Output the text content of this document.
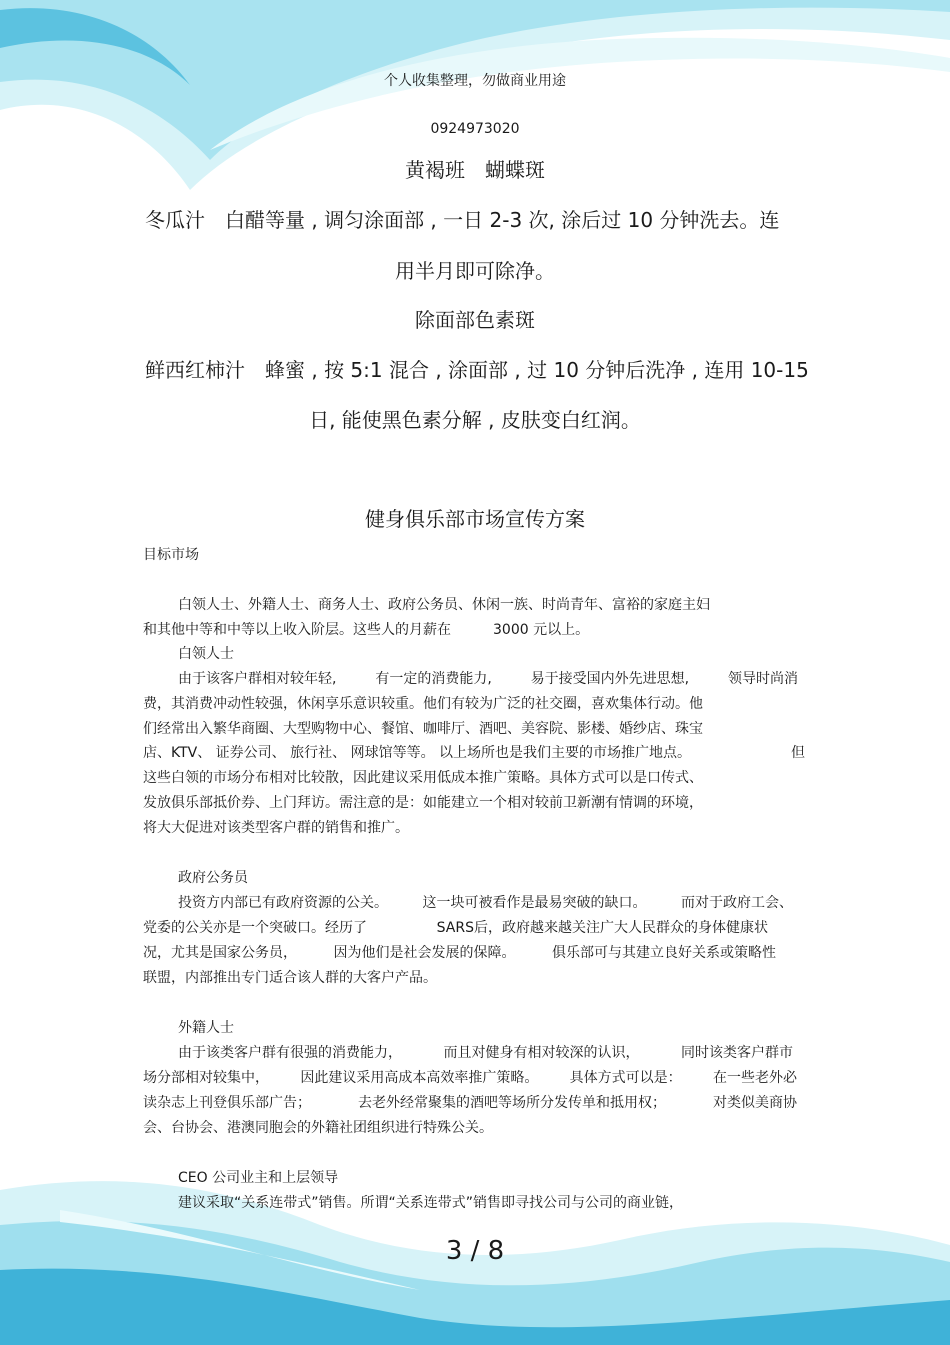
个人收集整理，勿做商业用途
0924973020
黄褐班　蝴蝶斑
冬瓜汁　白醋等量 , 调匀涂面部 , 一日 2-3 次, 涂后过 10 分钟洗去。连
用半月即可除净。
除面部色素斑
鲜西红柿汁　蜂蜜 , 按 5:1 混合 , 涂面部 , 过 10 分钟后洗净 , 连用 10-15
日, 能使黑色素分解 , 皮肤变白红润。
健身俱乐部市场宣传方案
目标市场
白领人士、外籍人士、商务人士、政府公务员、休闲一族、时尚青年、富裕的家庭主妇
和其他中等和中等以上收入阶层。这些人的月薪在　　　3000 元以上。
白领人士
由于该客户群相对较年轻,	有一定的消费能力,	易于接受国内外先进思想,	领导时尚消
费，其消费冲动性较强，休闲享乐意识较重。他们有较为广泛的社交圈，喜欢集体行动。他
们经常出入繁华商圈、大型购物中心、餐馆、咖啡厅、酒吧、美容院、影楼、婚纱店、珠宝
店、KTV、 证券公司、 旅行社、 网球馆等等。 以上场所也是我们主要的市场推广地点。	但
这些白领的市场分布相对比较散，因此建议采用低成本推广策略。具体方式可以是口传式、
发放俱乐部抵价券、上门拜访。需注意的是：如能建立一个相对较前卫新潮有情调的环境，
将大大促进对该类型客户群的销售和推广。
政府公务员
投资方内部已有政府资源的公关。 这一块可被看作是最易突破的缺口。 而对于政府工会、
党委的公关亦是一个突破口。经历了	SARS后，政府越来越关注广大人民群众的身体健康状
况，尤其是国家公务员，	因为他们是社会发展的保障。	俱乐部可与其建立良好关系或策略性
联盟，内部推出专门适合该人群的大客户产品。
外籍人士
由于该类客户群有很强的消费能力，	而且对健身有相对较深的认识，	同时该类客户群市
场分部相对较集中， 因此建议采用高成本高效率推广策略。 具体方式可以是： 在一些老外必
读杂志上刊登俱乐部广告；	去老外经常聚集的酒吧等场所分发传单和抵用权；	对类似美商协
会、台协会、港澳同胞会的外籍社团组织进行特殊公关。
CEO 公司业主和上层领导
建议采取“关系连带式”销售。所谓“关系连带式”销售即寻找公司与公司的商业链，
3 / 8
